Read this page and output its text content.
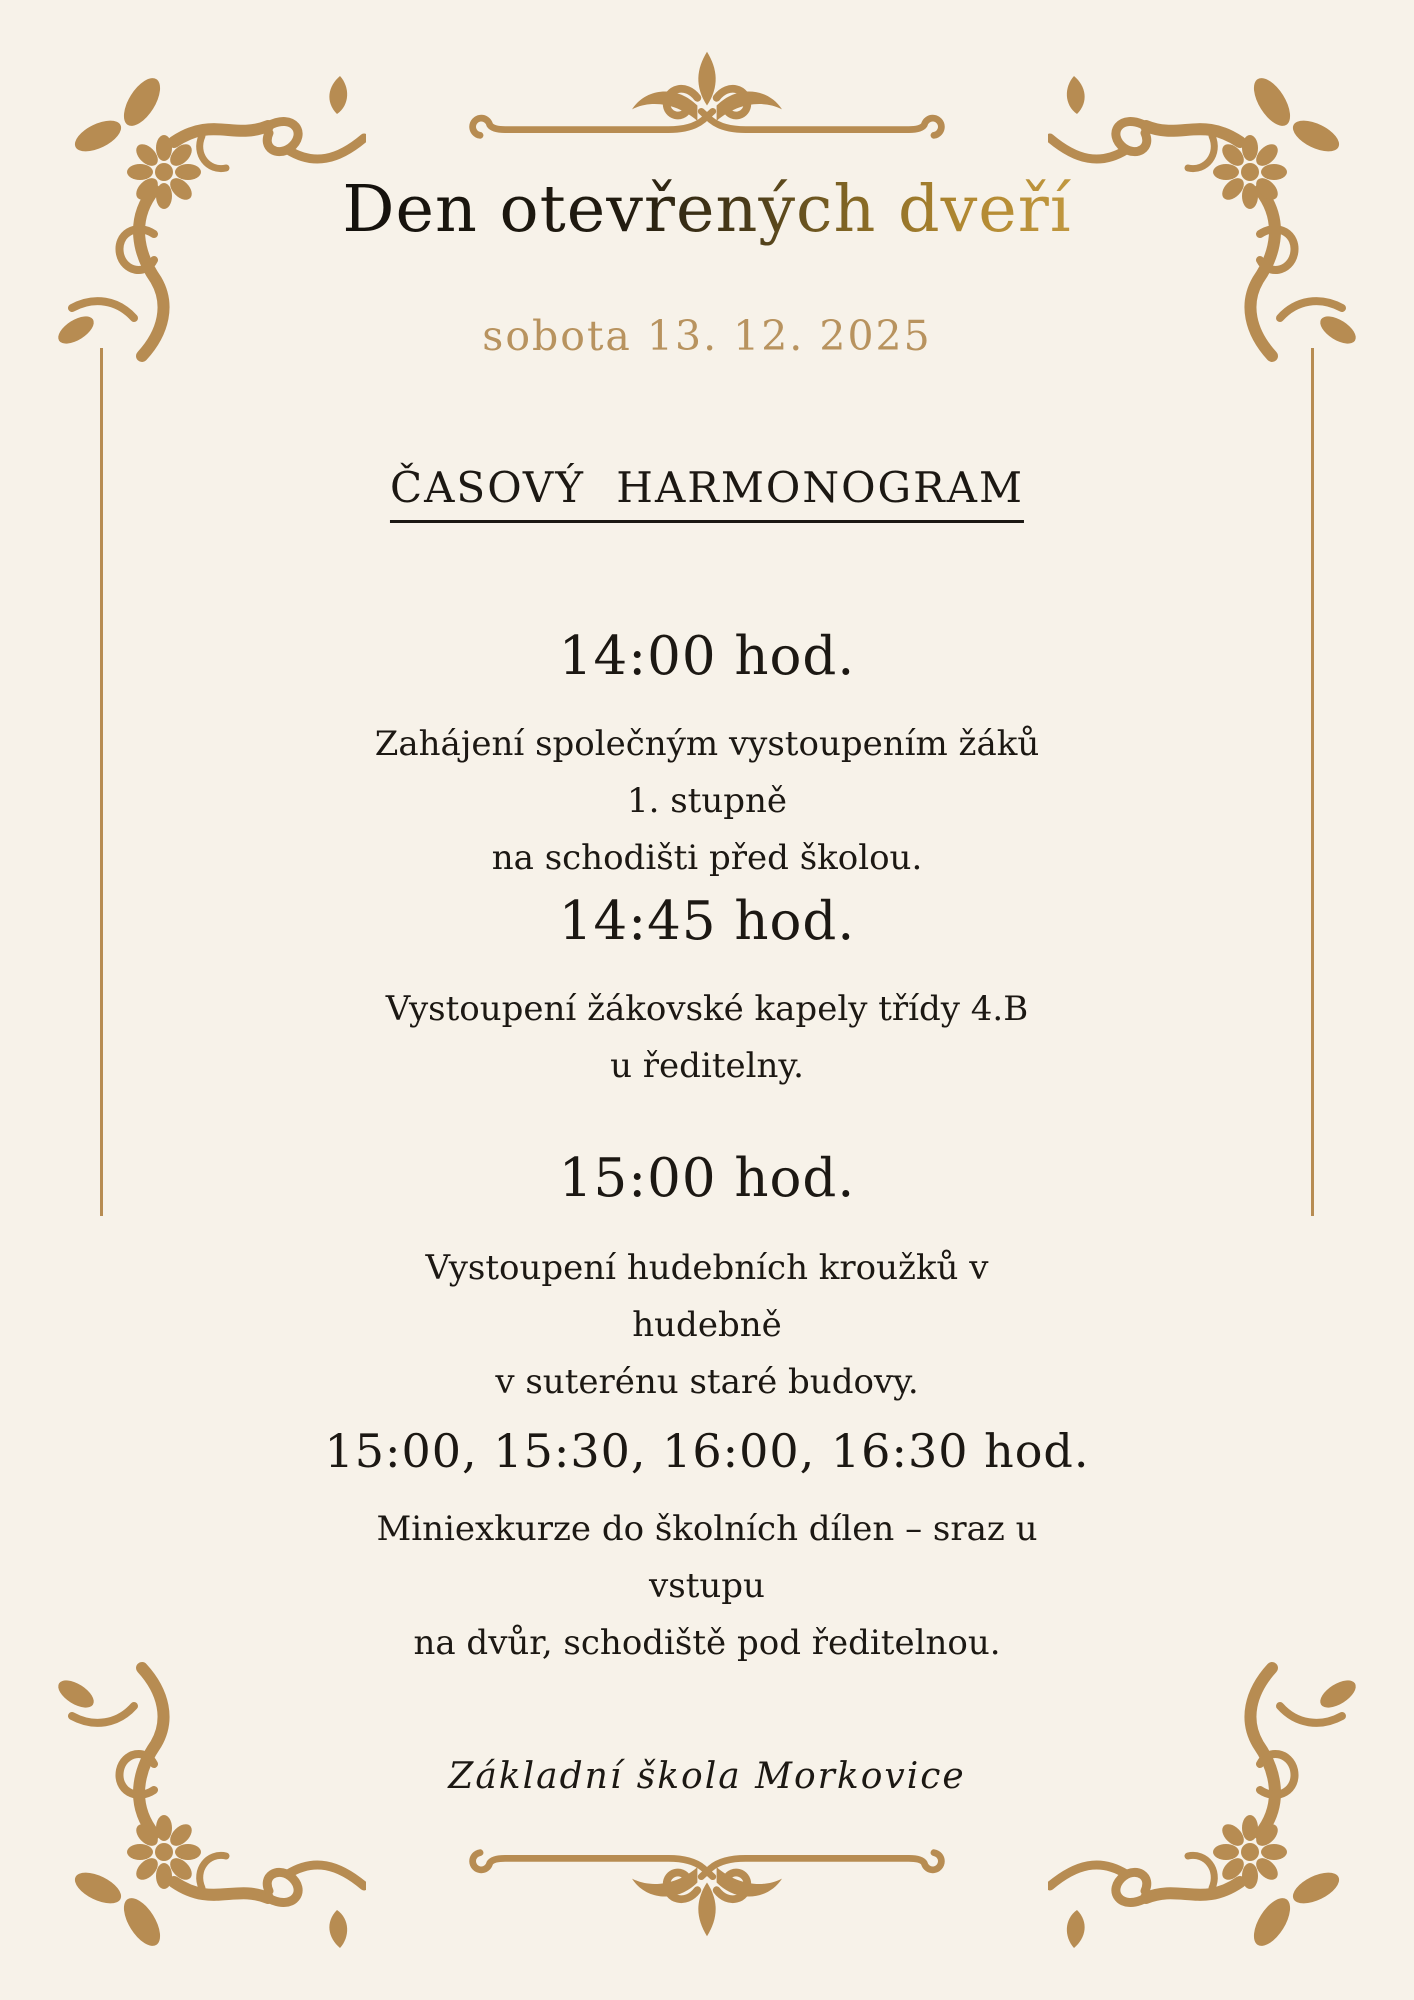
Den otevřených dveří
sobota 13. 12. 2025
ČASOVÝ HARMONOGRAM
14:00 hod.
Zahájení společným vystoupením žáků 1. stupně
na schodišti před školou.
14:45 hod.
Vystoupení žákovské kapely třídy 4.B
u ředitelny.
15:00 hod.
Vystoupení hudebních kroužků v hudebně
v suterénu staré budovy.
15:00, 15:30, 16:00, 16:30 hod.
Miniexkurze do školních dílen – sraz u vstupu
na dvůr, schodiště pod ředitelnou.
Základní škola Morkovice
